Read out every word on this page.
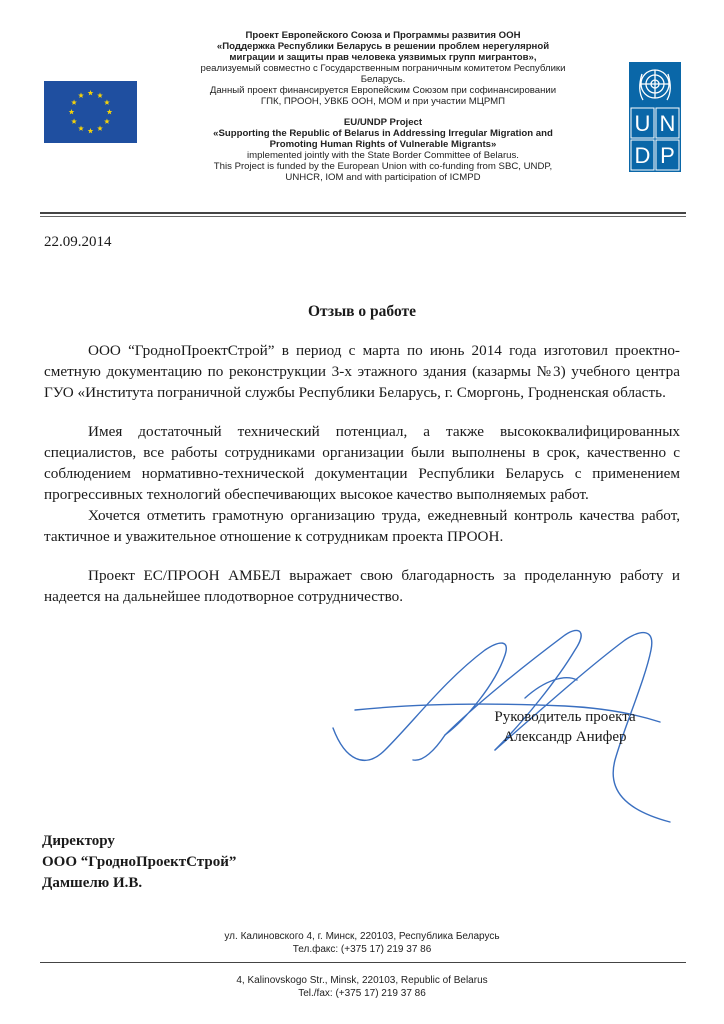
Проект Европейского Союза и Программы развития ООН
«Поддержка Республики Беларусь в решении проблем нерегулярной
миграции и защиты прав человека уязвимых групп мигрантов»,
реализуемый совместно с Государственным пограничным комитетом Республики
Беларусь.
Данный проект финансируется Европейским Союзом при софинансировании
ГПК, ПРООН, УВКБ ООН, МОМ и при участии МЦРМП
EU/UNDP Project
«Supporting the Republic of Belarus in Addressing Irregular Migration and
Promoting Human Rights of Vulnerable Migrants»
implemented jointly with the State Border Committee of Belarus.
This Project is funded by the European Union with co-funding from SBC, UNDP,
UNHCR, IOM and with participation of ICMPD
U N
D P
22.09.2014
Отзыв о работе

ООО “ГродноПроектСтрой” в период с марта по июнь 2014 года изготовил проектно-сметную документацию по реконструкции 3-х этажного здания (казармы №3) учебного центра ГУО «Института пограничной службы Республики Беларусь, г. Сморгонь, Гродненская область.

Имея достаточный технический потенциал, а также высококвалифицированных специалистов, все работы сотрудниками организации были выполнены в срок, качественно с соблюдением нормативно-технической документации Республики Беларусь с применением прогрессивных технологий обеспечивающих высокое качество выполняемых работ.

Хочется отметить грамотную организацию труда, ежедневный контроль качества работ, тактичное и уважительное отношение к сотрудникам проекта ПРООН.

Проект ЕС/ПРООН АМБЕЛ выражает свою благодарность за проделанную работу и надеется на дальнейшее плодотворное сотрудничество.

Руководитель проекта
Александр Анифер
Директору
ООО “ГродноПроектСтрой”
Дамшелю И.В.
ул. Калиновского 4, г. Минск, 220103, Республика Беларусь
Тел.факс: (+375 17) 219 37 86
4, Kalinovskogo Str., Minsk, 220103, Republic of Belarus
Tel./fax: (+375 17) 219 37 86
